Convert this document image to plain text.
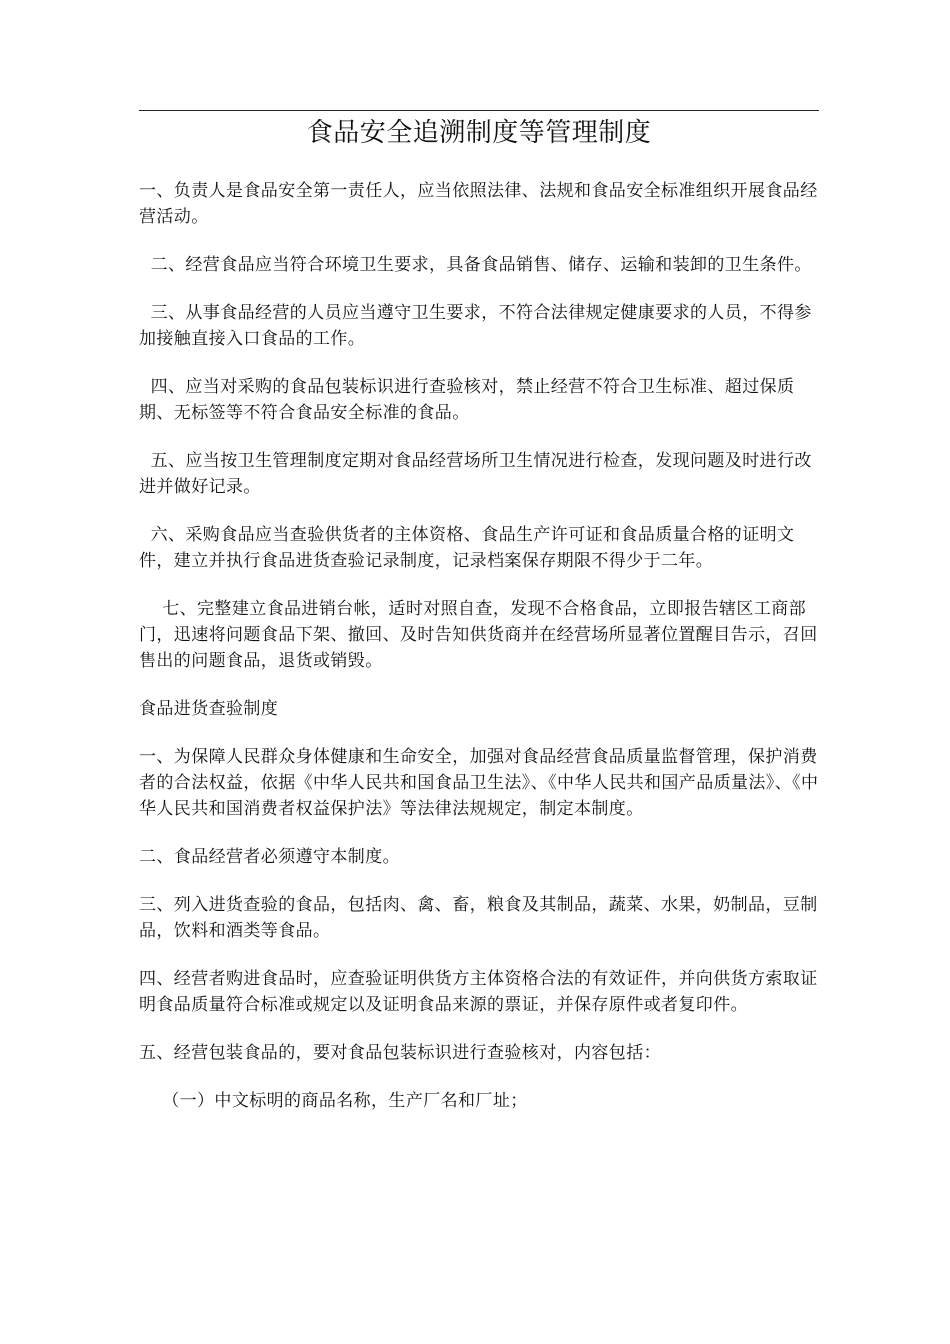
食品安全追溯制度等管理制度

一、负责人是食品安全第一责任人，应当依照法律、法规和食品安全标准组织开展食品经营活动。

二、经营食品应当符合环境卫生要求，具备食品销售、储存、运输和装卸的卫生条件。

三、从事食品经营的人员应当遵守卫生要求，不符合法律规定健康要求的人员，不得参加接触直接入口食品的工作。

四、应当对采购的食品包装标识进行查验核对，禁止经营不符合卫生标准、超过保质期、无标签等不符合食品安全标准的食品。

五、应当按卫生管理制度定期对食品经营场所卫生情况进行检查，发现问题及时进行改进并做好记录。

六、采购食品应当查验供货者的主体资格、食品生产许可证和食品质量合格的证明文件，建立并执行食品进货查验记录制度，记录档案保存期限不得少于二年。

七、完整建立食品进销台帐，适时对照自查，发现不合格食品，立即报告辖区工商部门，迅速将问题食品下架、撤回、及时告知供货商并在经营场所显著位置醒目告示，召回售出的问题食品，退货或销毁。

食品进货查验制度

一、为保障人民群众身体健康和生命安全，加强对食品经营食品质量监督管理，保护消费者的合法权益，依据《中华人民共和国食品卫生法》、《中华人民共和国产品质量法》、《中华人民共和国消费者权益保护法》等法律法规规定，制定本制度。

二、食品经营者必须遵守本制度。

三、列入进货查验的食品，包括肉、禽、畜，粮食及其制品，蔬菜、水果，奶制品，豆制品，饮料和酒类等食品。

四、经营者购进食品时，应查验证明供货方主体资格合法的有效证件，并向供货方索取证明食品质量符合标准或规定以及证明食品来源的票证，并保存原件或者复印件。

五、经营包装食品的，要对食品包装标识进行查验核对，内容包括：

（一）中文标明的商品名称，生产厂名和厂址；
